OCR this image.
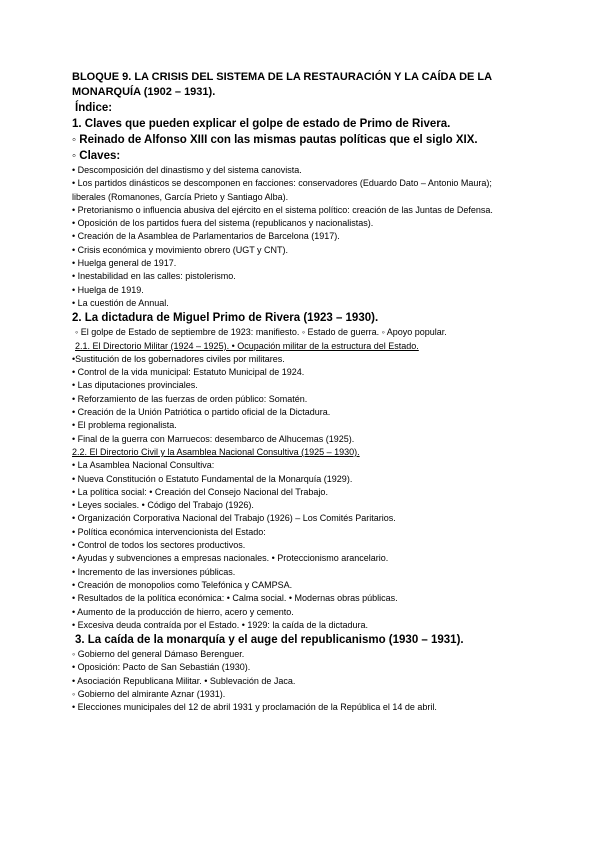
BLOQUE 9. LA CRISIS DEL SISTEMA DE LA RESTAURACIÓN Y LA CAÍDA DE LA MONARQUÍA (1902 – 1931).

Índice:

1. Claves que pueden explicar el golpe de estado de Primo de Rivera.

◦ Reinado de Alfonso XIII con las mismas pautas políticas que el siglo XIX.

◦ Claves:

• Descomposición del dinastismo y del sistema canovista.

• Los partidos dinásticos se descomponen en facciones: conservadores (Eduardo Dato – Antonio Maura); liberales (Romanones, García Prieto y Santiago Alba).

• Pretorianismo o influencia abusiva del ejército en el sistema político: creación de las Juntas de Defensa.

• Oposición de los partidos fuera del sistema (republicanos y nacionalistas).

• Creación de la Asamblea de Parlamentarios de Barcelona (1917).

• Crisis económica y movimiento obrero (UGT y CNT).

• Huelga general de 1917.

• Inestabilidad en las calles: pistolerismo.

• Huelga de 1919.

• La cuestión de Annual.

2. La dictadura de Miguel Primo de Rivera (1923 – 1930).

◦ El golpe de Estado de septiembre de 1923: manifiesto. ◦ Estado de guerra. ◦ Apoyo popular.

2.1. El Directorio Militar (1924 – 1925). • Ocupación militar de la estructura del Estado.

•Sustitución de los gobernadores civiles por militares.

• Control de la vida municipal: Estatuto Municipal de 1924.

• Las diputaciones provinciales.

• Reforzamiento de las fuerzas de orden público: Somatén.

• Creación de la Unión Patriótica o partido oficial de la Dictadura.

• El problema regionalista.

• Final de la guerra con Marruecos: desembarco de Alhucemas (1925).

2.2. El Directorio Civil y la Asamblea Nacional Consultiva (1925 – 1930).

• La Asamblea Nacional Consultiva:

• Nueva Constitución o Estatuto Fundamental de la Monarquía (1929).

• La política social: • Creación del Consejo Nacional del Trabajo.

• Leyes sociales. • Código del Trabajo (1926).

• Organización Corporativa Nacional del Trabajo (1926) – Los Comités Paritarios.

• Política económica intervencionista del Estado:

• Control de todos los sectores productivos.

• Ayudas y subvenciones a empresas nacionales. • Proteccionismo arancelario.

• Incremento de las inversiones públicas.

• Creación de monopolios como Telefónica y CAMPSA.

• Resultados de la política económica: • Calma social. • Modernas obras públicas.

• Aumento de la producción de hierro, acero y cemento.

• Excesiva deuda contraída por el Estado. • 1929: la caída de la dictadura.

3. La caída de la monarquía y el auge del republicanismo (1930 – 1931).

◦ Gobierno del general Dámaso Berenguer.

• Oposición: Pacto de San Sebastián (1930).

• Asociación Republicana Militar. • Sublevación de Jaca.

◦ Gobierno del almirante Aznar (1931).

• Elecciones municipales del 12 de abril 1931 y proclamación de la República el 14 de abril.
